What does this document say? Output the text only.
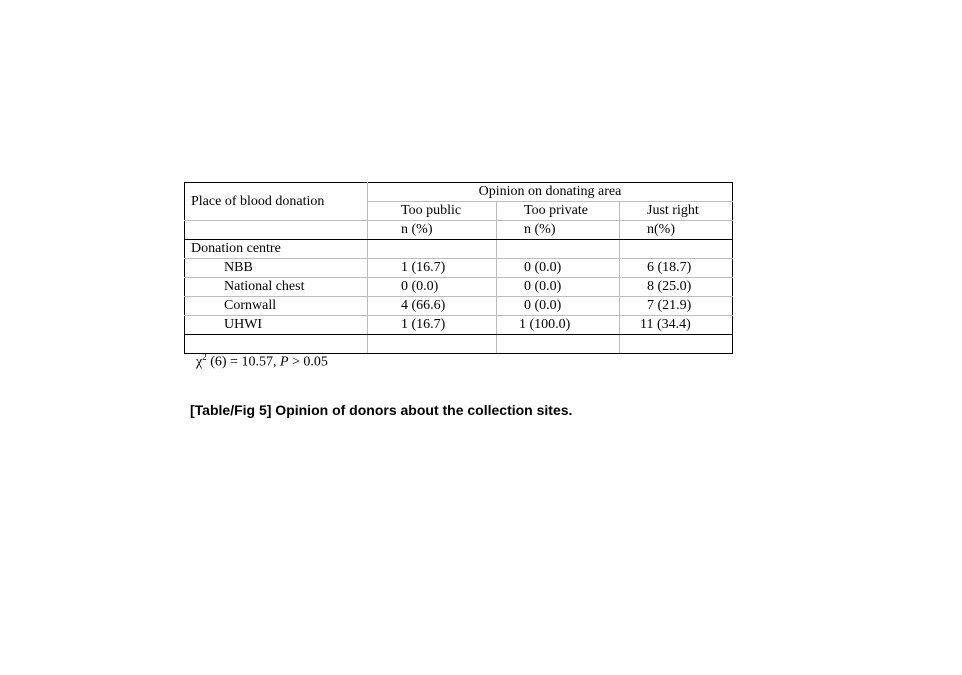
Place of blood donation	Opinion on donating area		
	Too public	Too private	Just right
	n (%)	n (%)	n(%)
Donation centre			
NBB	1 (16.7)	0 (0.0)	6 (18.7)
National chest	0 (0.0)	0 (0.0)	8 (25.0)
Cornwall	4 (66.6)	0 (0.0)	7 (21.9)
UHWI	1 (16.7)	1 (100.0)	11 (34.4)

$\chi^2$ (6) = 10.57, P > 0.05
[Table/Fig 5] Opinion of donors about the collection sites.
